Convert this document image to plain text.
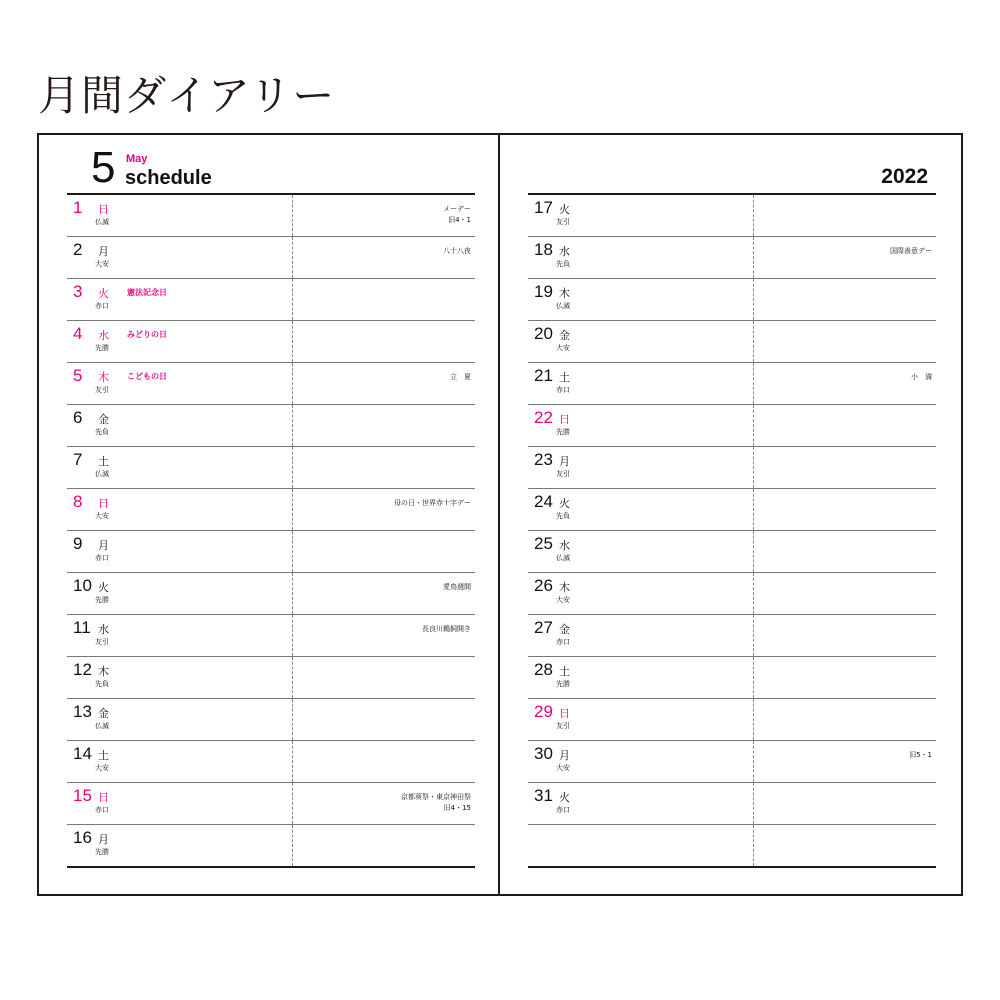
月間ダイアリー
5 May
schedule
1 日
仏滅
メーデー
旧4・1
2 月
大安
八十八夜
3 火
赤口
憲法記念日
4 水
先勝
みどりの日
5 木
友引
こどもの日	立　夏
6 金
先負
7 土
仏滅
8 日
大安
母の日・世界赤十字デー
9 月
赤口
10 火
先勝
愛鳥週間
11 水
友引
長良川鵜飼開き
12 木
先負
13 金
仏滅
14 土
大安
15 日
赤口
京都葵祭・東京神田祭
旧4・15
16 月
先勝
2022
17 火
友引
18 水
先負
国際善意デー
19 木
仏滅
20 金
大安
21 土
赤口
小　満
22 日
先勝
23 月
友引
24 火
先負
25 水
仏滅
26 木
大安
27 金
赤口
28 土
先勝
29 日
友引
30 月
大安
旧5・1
31 火
赤口
